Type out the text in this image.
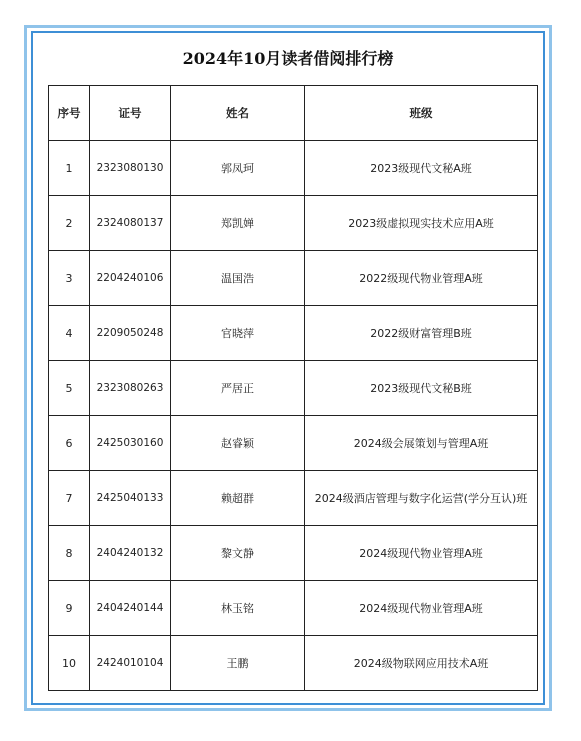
2024年10月读者借阅排行榜
序号	证号	姓名	班级
1	2323080130	郭凤珂	2023级现代文秘A班
2	2324080137	郑凯婵	2023级虚拟现实技术应用A班
3	2204240106	温国浩	2022级现代物业管理A班
4	2209050248	官晓萍	2022级财富管理B班
5	2323080263	严居正	2023级现代文秘B班
6	2425030160	赵睿颖	2024级会展策划与管理A班
7	2425040133	赖超群	2024级酒店管理与数字化运营(学分互认)班
8	2404240132	黎文静	2024级现代物业管理A班
9	2404240144	林玉铭	2024级现代物业管理A班
10	2424010104	王鹏	2024级物联网应用技术A班
